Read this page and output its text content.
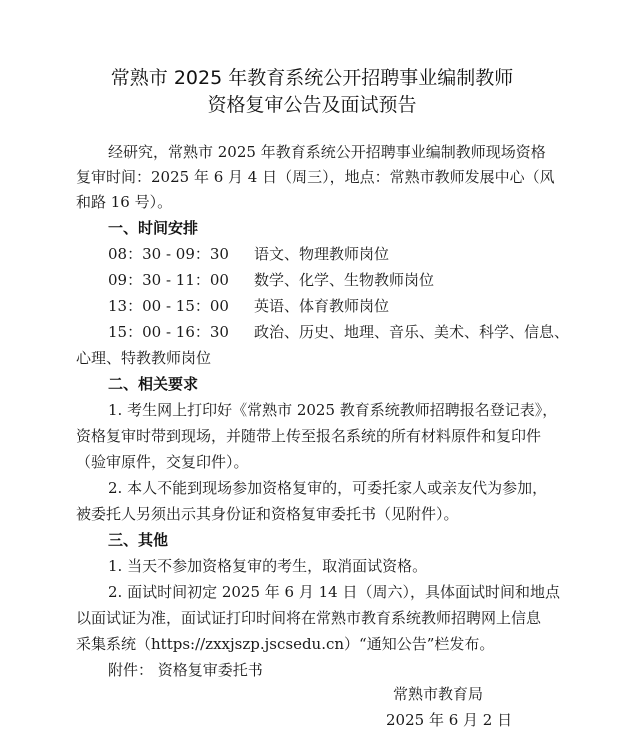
常熟市 2025 年教育系统公开招聘事业编制教师
资格复审公告及面试预告
经研究，常熟市 2025 年教育系统公开招聘事业编制教师现场资格
复审时间：2025 年 6 月 4 日（周三），地点：常熟市教师发展中心（风
和路 16 号）。
一、时间安排
08：30 - 09：30 语文、物理教师岗位
09：30 - 11：00 数学、化学、生物教师岗位
13：00 - 15：00 英语、体育教师岗位
15：00 - 16：30 政治、历史、地理、音乐、美术、科学、信息、
心理、特教教师岗位
二、相关要求
1. 考生网上打印好《常熟市 2025 教育系统教师招聘报名登记表》，
资格复审时带到现场，并随带上传至报名系统的所有材料原件和复印件
（验审原件，交复印件）。
2. 本人不能到现场参加资格复审的，可委托家人或亲友代为参加，
被委托人另须出示其身份证和资格复审委托书（见附件）。
三、其他
1. 当天不参加资格复审的考生，取消面试资格。
2. 面试时间初定 2025 年 6 月 14 日（周六），具体面试时间和地点
以面试证为准，面试证打印时间将在常熟市教育系统教师招聘网上信息
采集系统（https://zxxjszp.jscsedu.cn）“通知公告”栏发布。
附件： 资格复审委托书
常熟市教育局
2025 年 6 月 2 日
